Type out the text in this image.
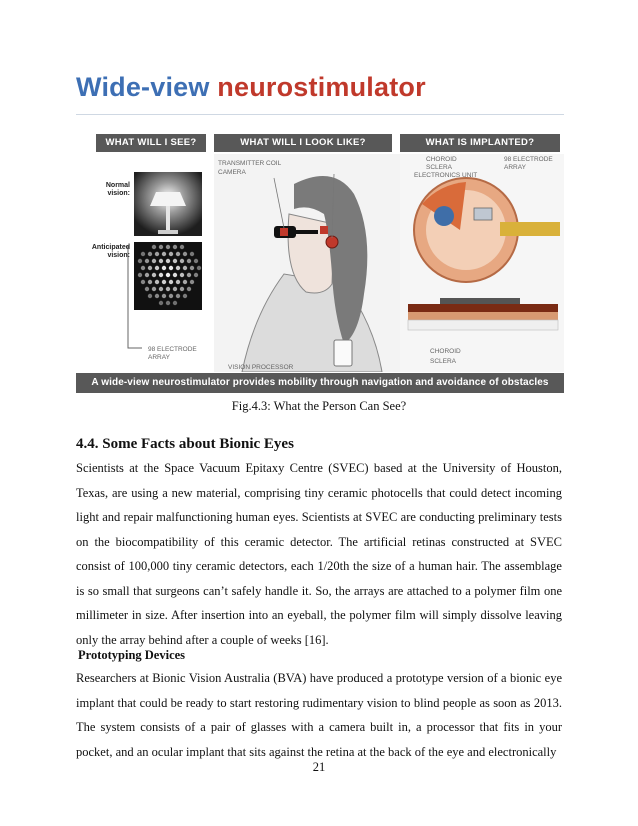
Wide-view neurostimulator
WHAT WILL I SEE?	WHAT WILL I LOOK LIKE?	WHAT IS IMPLANTED?
Normal vision:
Anticipated vision:
98 ELECTRODE ARRAY
TRANSMITTER COIL
CAMERA
VISION PROCESSOR
CHOROID
SCLERA
ELECTRONICS UNIT
98 ELECTRODE ARRAY
CHOROID
SCLERA
A wide-view neurostimulator provides mobility through navigation and avoidance of obstacles
Fig.4.3: What the Person Can See?
4.4. Some Facts about Bionic Eyes

Scientists at the Space Vacuum Epitaxy Centre (SVEC) based at the University of Houston, Texas, are using a new material, comprising tiny ceramic photocells that could detect incoming light and repair malfunctioning human eyes. Scientists at SVEC are conducting preliminary tests on the biocompatibility of this ceramic detector. The artificial retinas constructed at SVEC consist of 100,000 tiny ceramic detectors, each 1/20th the size of a human hair. The assemblage is so small that surgeons can’t safely handle it. So, the arrays are attached to a polymer film one millimeter in size. After insertion into an eyeball, the polymer film will simply dissolve leaving only the array behind after a couple of weeks [16].

Prototyping Devices

Researchers at Bionic Vision Australia (BVA) have produced a prototype version of a bionic eye implant that could be ready to start restoring rudimentary vision to blind people as soon as 2013. The system consists of a pair of glasses with a camera built in, a processor that fits in your pocket, and an ocular implant that sits against the retina at the back of the eye and electronically

21
